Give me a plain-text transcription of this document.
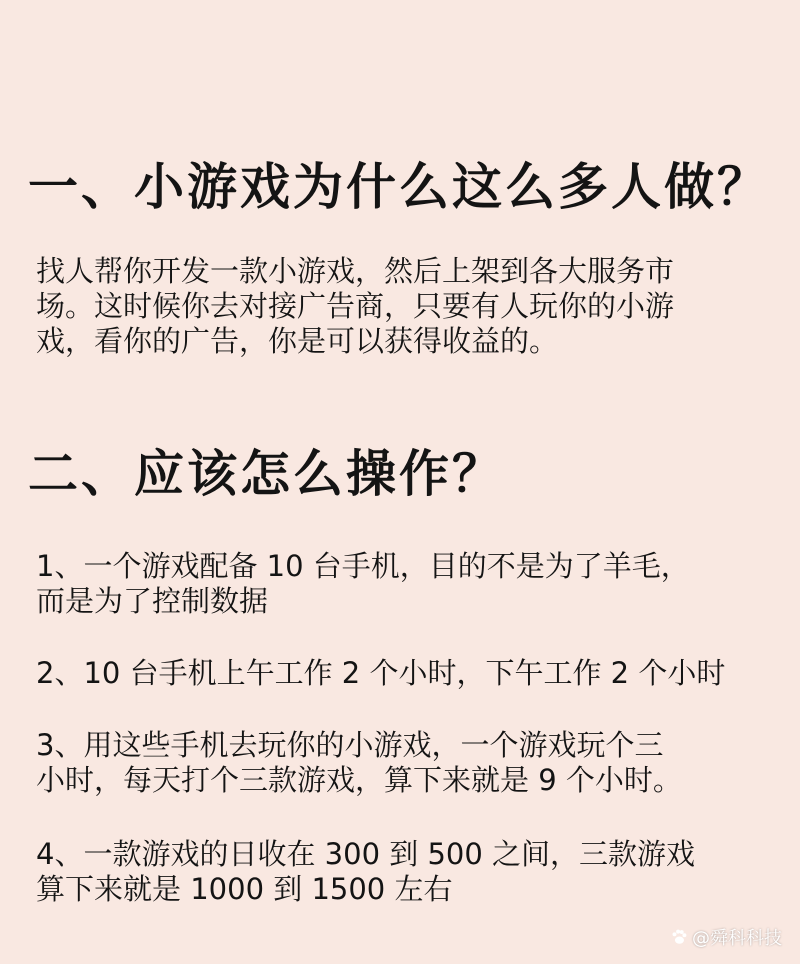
一、小游戏为什么这么多人做？
找人帮你开发一款小游戏，然后上架到各大服务市
场。这时候你去对接广告商，只要有人玩你的小游
戏，看你的广告，你是可以获得收益的。
二、应该怎么操作？
1、一个游戏配备 10 台手机，目的不是为了羊毛，
而是为了控制数据
2、10 台手机上午工作 2 个小时，下午工作 2 个小时
3、用这些手机去玩你的小游戏，一个游戏玩个三
小时，每天打个三款游戏，算下来就是 9 个小时。
4、一款游戏的日收在 300 到 500 之间，三款游戏
算下来就是 1000 到 1500 左右
@舜科科技
